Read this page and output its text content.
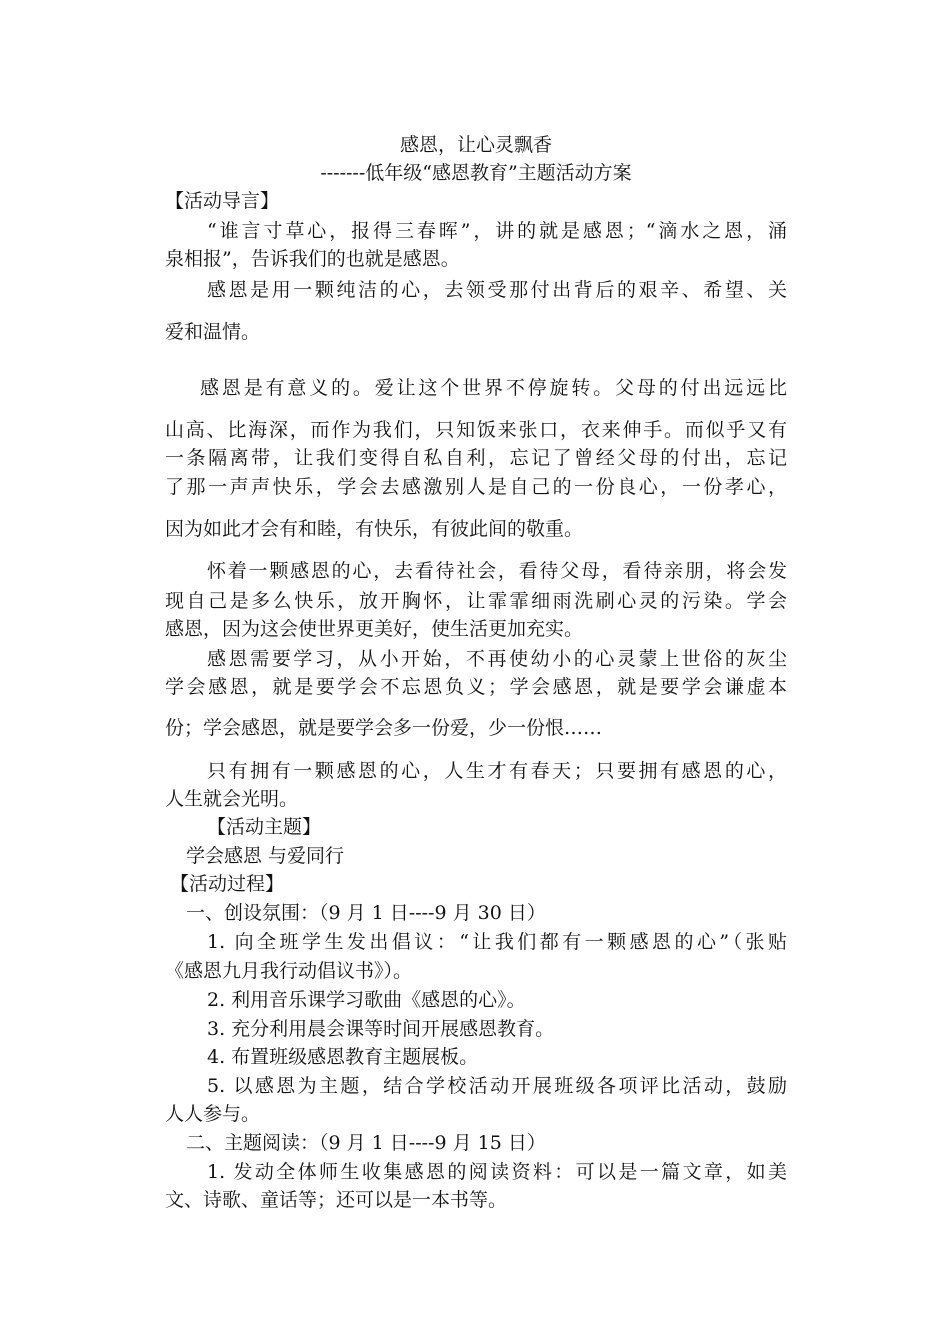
感恩，让心灵飘香
-------低年级“感恩教育”主题活动方案
【活动导言】
“谁言寸草心，报得三春晖”，讲的就是感恩；“滴水之恩，涌
泉相报”，告诉我们的也就是感恩。
感恩是用一颗纯洁的心，去领受那付出背后的艰辛、希望、关
爱和温情。
感恩是有意义的。爱让这个世界不停旋转。父母的付出远远比
山高、比海深，而作为我们，只知饭来张口，衣来伸手。而似乎又有
一条隔离带，让我们变得自私自利，忘记了曾经父母的付出，忘记
了那一声声快乐，学会去感激别人是自己的一份良心，一份孝心，
因为如此才会有和睦，有快乐，有彼此间的敬重。
怀着一颗感恩的心，去看待社会，看待父母，看待亲朋，将会发
现自己是多么快乐，放开胸怀，让霏霏细雨洗刷心灵的污染。学会
感恩，因为这会使世界更美好，使生活更加充实。
感恩需要学习，从小开始，不再使幼小的心灵蒙上世俗的灰尘
学会感恩，就是要学会不忘恩负义；学会感恩，就是要学会谦虚本
份；学会感恩，就是要学会多一份爱，少一份恨……
只有拥有一颗感恩的心，人生才有春天；只要拥有感恩的心，
人生就会光明。
【活动主题】
学会感恩 与爱同行
【活动过程】
一、创设氛围：（9 月 1 日----9 月 30 日）
1. 向全班学生发出倡议：“让我们都有一颗感恩的心”（张贴
《感恩九月我行动倡议书》）。
2. 利用音乐课学习歌曲《感恩的心》。
3. 充分利用晨会课等时间开展感恩教育。
4. 布置班级感恩教育主题展板。
5. 以感恩为主题，结合学校活动开展班级各项评比活动，鼓励
人人参与。
二、主题阅读：（9 月 1 日----9 月 15 日）
1. 发动全体师生收集感恩的阅读资料：可以是一篇文章，如美
文、诗歌、童话等；还可以是一本书等。
